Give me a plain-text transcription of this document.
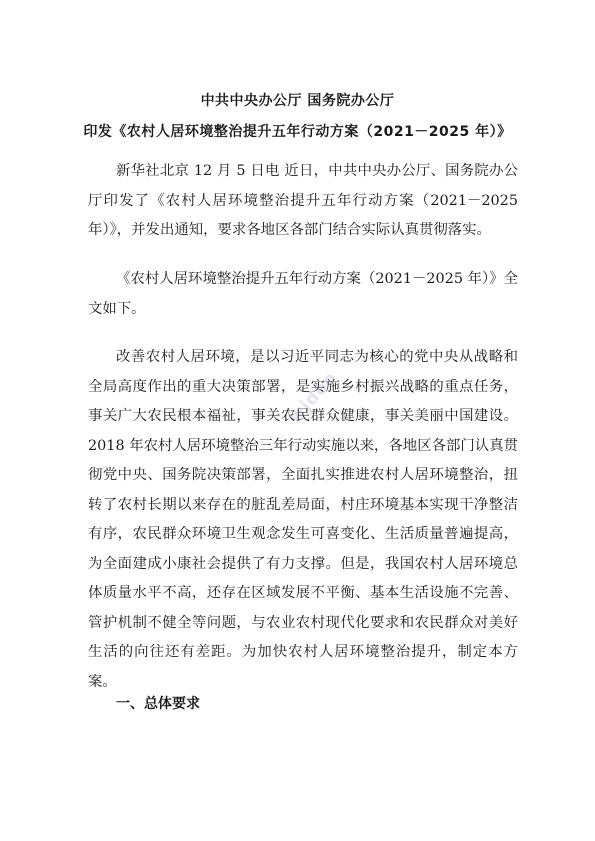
中共中央办公厅 国务院办公厅
印发《农村人居环境整治提升五年行动方案（2021－2025 年）》

新华社北京 12 月 5 日电 近日，中共中央办公厅、国务院办公厅印发了《农村人居环境整治提升五年行动方案（2021－2025 年）》，并发出通知，要求各地区各部门结合实际认真贯彻落实。

《农村人居环境整治提升五年行动方案（2021－2025 年）》全文如下。

改善农村人居环境，是以习近平同志为核心的党中央从战略和全局高度作出的重大决策部署，是实施乡村振兴战略的重点任务，事关广大农民根本福祉，事关农民群众健康，事关美丽中国建设。2018 年农村人居环境整治三年行动实施以来，各地区各部门认真贯彻党中央、国务院决策部署，全面扎实推进农村人居环境整治，扭转了农村长期以来存在的脏乱差局面，村庄环境基本实现干净整洁有序，农民群众环境卫生观念发生可喜变化、生活质量普遍提高，为全面建成小康社会提供了有力支撑。但是，我国农村人居环境总体质量水平不高，还存在区域发展不平衡、基本生活设施不完善、管护机制不健全等问题，与农业农村现代化要求和农民群众对美好生活的向往还有差距。为加快农村人居环境整治提升，制定本方案。

一、总体要求
wjdoo
